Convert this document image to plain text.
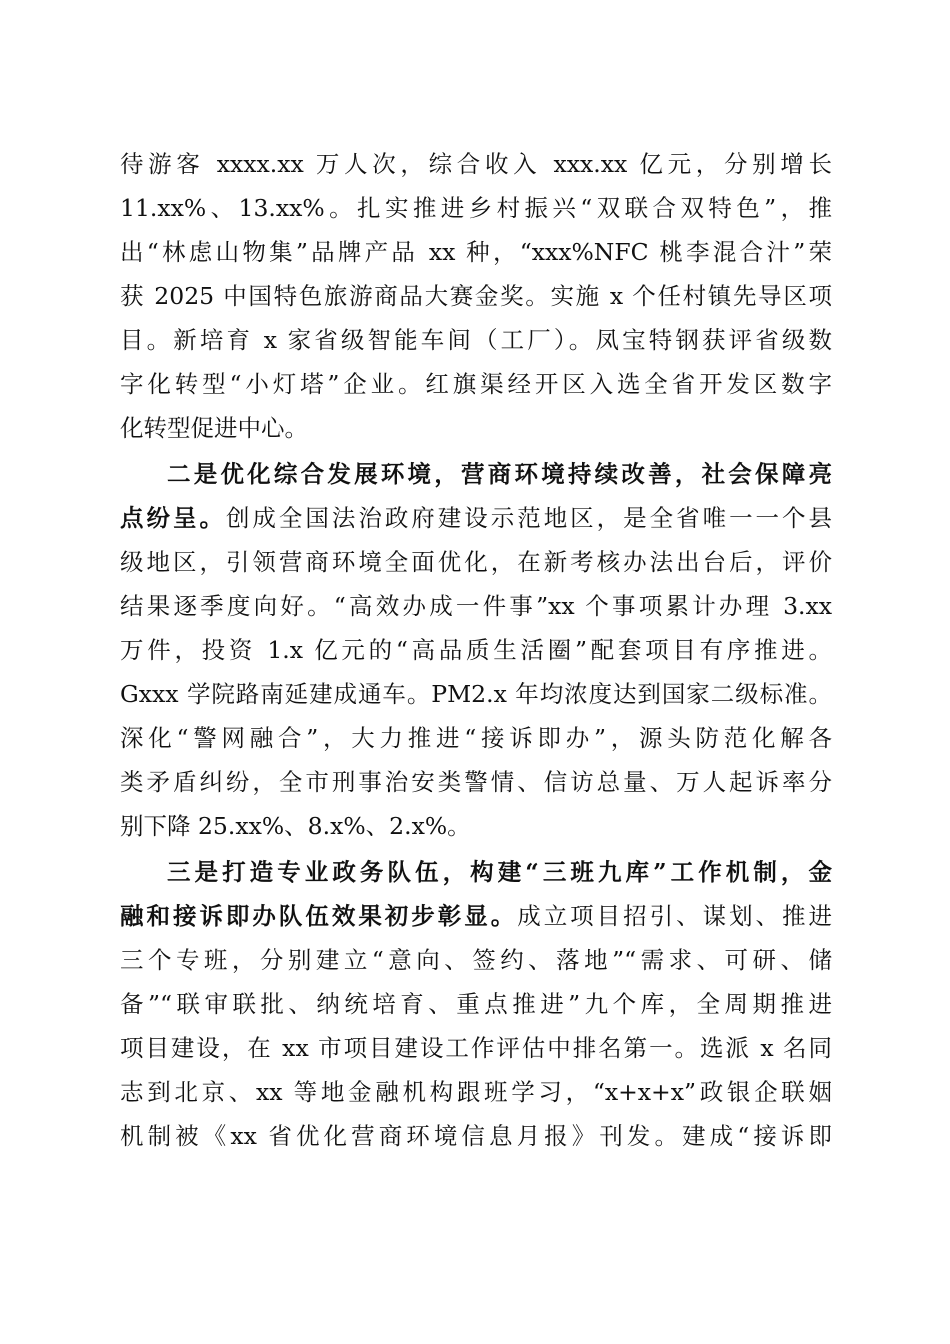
待游客 xxxx.xx 万人次，综合收入 xxx.xx 亿元，分别增长

11.xx%、13.xx%。扎实推进乡村振兴“双联合双特色”，推

出“林虑山物集”品牌产品 xx 种，“xxx%NFC 桃李混合汁”荣

获 2025 中国特色旅游商品大赛金奖。实施 x 个任村镇先导区项

目。新培育 x 家省级智能车间（工厂）。凤宝特钢获评省级数

字化转型“小灯塔”企业。红旗渠经开区入选全省开发区数字

化转型促进中心。

二是优化综合发展环境，营商环境持续改善，社会保障亮

点纷呈。创成全国法治政府建设示范地区，是全省唯一一个县

级地区，引领营商环境全面优化，在新考核办法出台后，评价

结果逐季度向好。“高效办成一件事”xx 个事项累计办理 3.xx

万件，投资 1.x 亿元的“高品质生活圈”配套项目有序推进。

Gxxx 学院路南延建成通车。PM2.x 年均浓度达到国家二级标准。

深化“警网融合”，大力推进“接诉即办”，源头防范化解各

类矛盾纠纷，全市刑事治安类警情、信访总量、万人起诉率分

别下降 25.xx%、8.x%、2.x%。

三是打造专业政务队伍，构建“三班九库”工作机制，金

融和接诉即办队伍效果初步彰显。成立项目招引、谋划、推进

三个专班，分别建立“意向、签约、落地”“需求、可研、储

备”“联审联批、纳统培育、重点推进”九个库，全周期推进

项目建设，在 xx 市项目建设工作评估中排名第一。选派 x 名同

志到北京、xx 等地金融机构跟班学习，“x+x+x”政银企联姻

机制被《xx 省优化营商环境信息月报》刊发。建成“接诉即
